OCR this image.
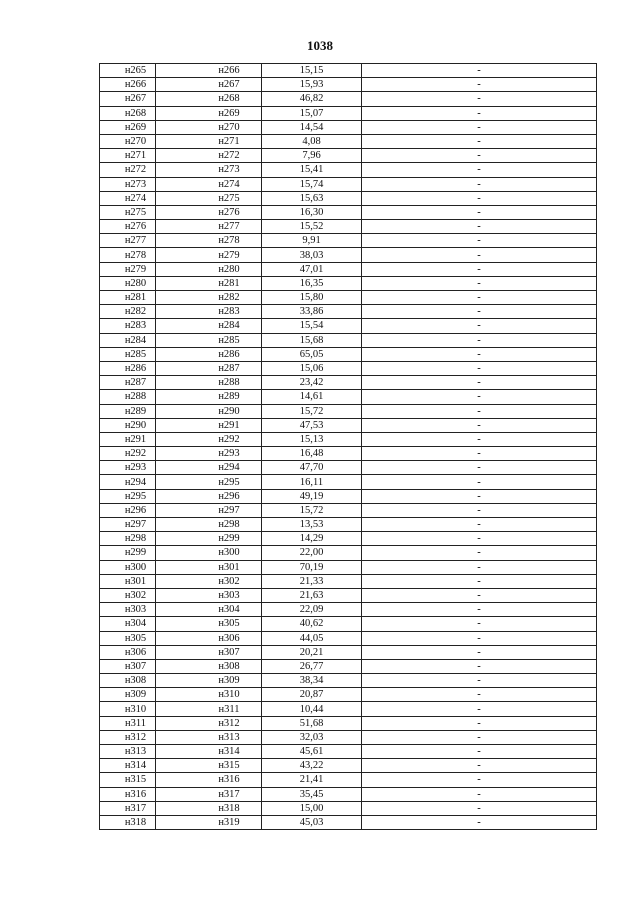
1038
н265	н266	15,15	-
н266	н267	15,93	-
н267	н268	46,82	-
н268	н269	15,07	-
н269	н270	14,54	-
н270	н271	4,08	-
н271	н272	7,96	-
н272	н273	15,41	-
н273	н274	15,74	-
н274	н275	15,63	-
н275	н276	16,30	-
н276	н277	15,52	-
н277	н278	9,91	-
н278	н279	38,03	-
н279	н280	47,01	-
н280	н281	16,35	-
н281	н282	15,80	-
н282	н283	33,86	-
н283	н284	15,54	-
н284	н285	15,68	-
н285	н286	65,05	-
н286	н287	15,06	-
н287	н288	23,42	-
н288	н289	14,61	-
н289	н290	15,72	-
н290	н291	47,53	-
н291	н292	15,13	-
н292	н293	16,48	-
н293	н294	47,70	-
н294	н295	16,11	-
н295	н296	49,19	-
н296	н297	15,72	-
н297	н298	13,53	-
н298	н299	14,29	-
н299	н300	22,00	-
н300	н301	70,19	-
н301	н302	21,33	-
н302	н303	21,63	-
н303	н304	22,09	-
н304	н305	40,62	-
н305	н306	44,05	-
н306	н307	20,21	-
н307	н308	26,77	-
н308	н309	38,34	-
н309	н310	20,87	-
н310	н311	10,44	-
н311	н312	51,68	-
н312	н313	32,03	-
н313	н314	45,61	-
н314	н315	43,22	-
н315	н316	21,41	-
н316	н317	35,45	-
н317	н318	15,00	-
н318	н319	45,03	-
